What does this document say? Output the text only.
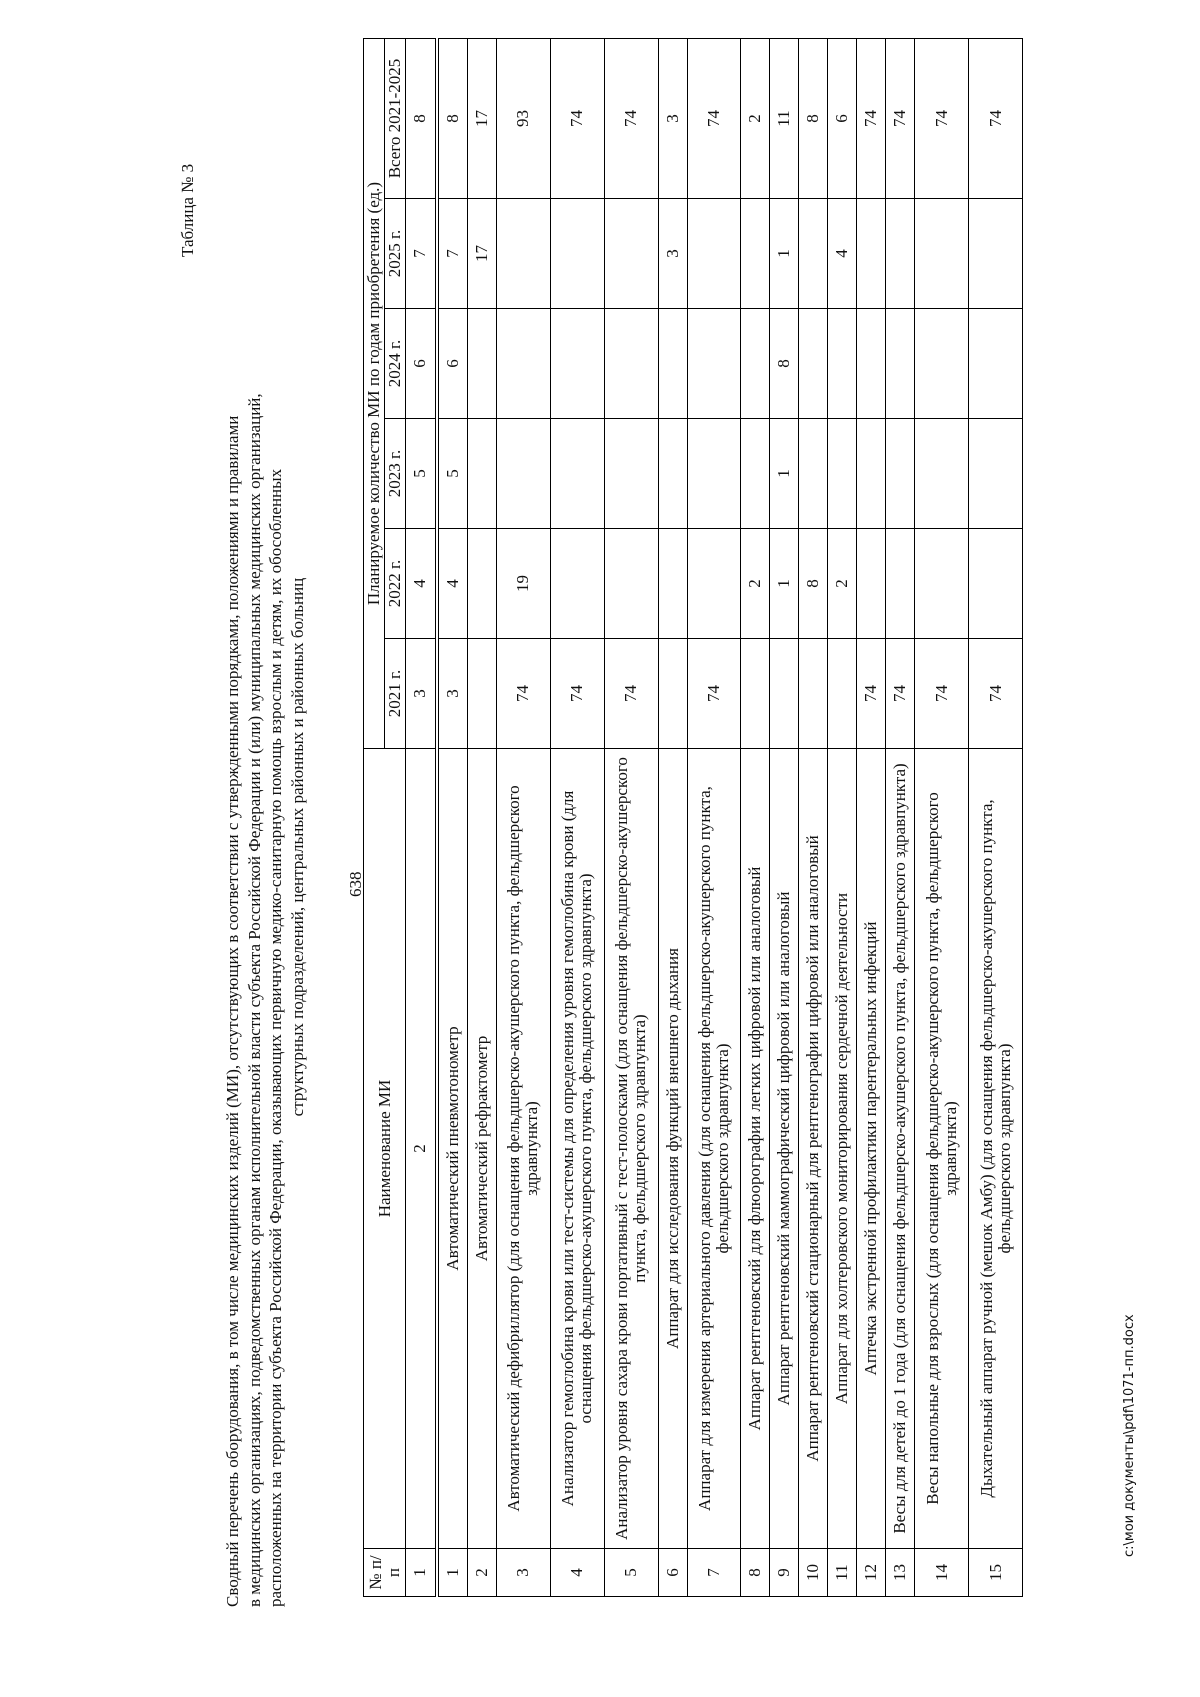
638
Таблица № 3
Сводный перечень оборудования, в том числе медицинских изделий (МИ), отсутствующих в соответствии с утвержденными порядками, положениями и правилами в медицинских организациях, подведомственных органам исполнительной власти субъекта Российской Федерации и (или) муниципальных медицинских организаций, расположенных на территории субъекта Российской Федерации, оказывающих первичную медико-санитарную помощь взрослым и детям, их обособленных структурных подразделений, центральных районных и районных больниц
№ п/п	Наименование МИ	Планируемое количество МИ по годам приобретения (ед.)					
		2021 г.	2022 г.	2023 г.	2024 г.	2025 г.	Всего 2021-2025
1	2	3	4	5	6	7	8
1	Автоматический пневмотонометр	3	4	5	6	7	8
2	Автоматический рефрактометр					17	17
3	Автоматический дефибриллятор (для оснащения фельдшерско-акушерского пункта, фельдшерского здравпункта)	74	19				93
4	Анализатор гемоглобина крови или тест-системы для определения уровня гемоглобина крови (для оснащения фельдшерско-акушерского пункта, фельдшерского здравпункта)	74					74
5	Анализатор уровня сахара крови портативный с тест-полосками (для оснащения фельдшерско-акушерского пункта, фельдшерского здравпункта)	74					74
6	Аппарат для исследования функций внешнего дыхания					3	3
7	Аппарат для измерения артериального давления (для оснащения фельдшерско-акушерского пункта, фельдшерского здравпункта)	74					74
8	Аппарат рентгеновский для флюорографии легких цифровой или аналоговый		2				2
9	Аппарат рентгеновский маммографический цифровой или аналоговый		1	1	8	1	11
10	Аппарат рентгеновский стационарный для рентгенографии цифровой или аналоговый		8				8
11	Аппарат для холтеровского мониторирования сердечной деятельности		2			4	6
12	Аптечка экстренной профилактики парентеральных инфекций	74					74
13	Весы для детей до 1 года (для оснащения фельдшерско-акушерского пункта, фельдшерского здравпункта)	74					74
14	Весы напольные для взрослых (для оснащения фельдшерско-акушерского пункта, фельдшерского здравпункта)	74					74
15	Дыхательный аппарат ручной (мешок Амбу) (для оснащения фельдшерско-акушерского пункта, фельдшерского здравпункта)	74					74
c:\мои документы\pdf\1071-пп.docx
